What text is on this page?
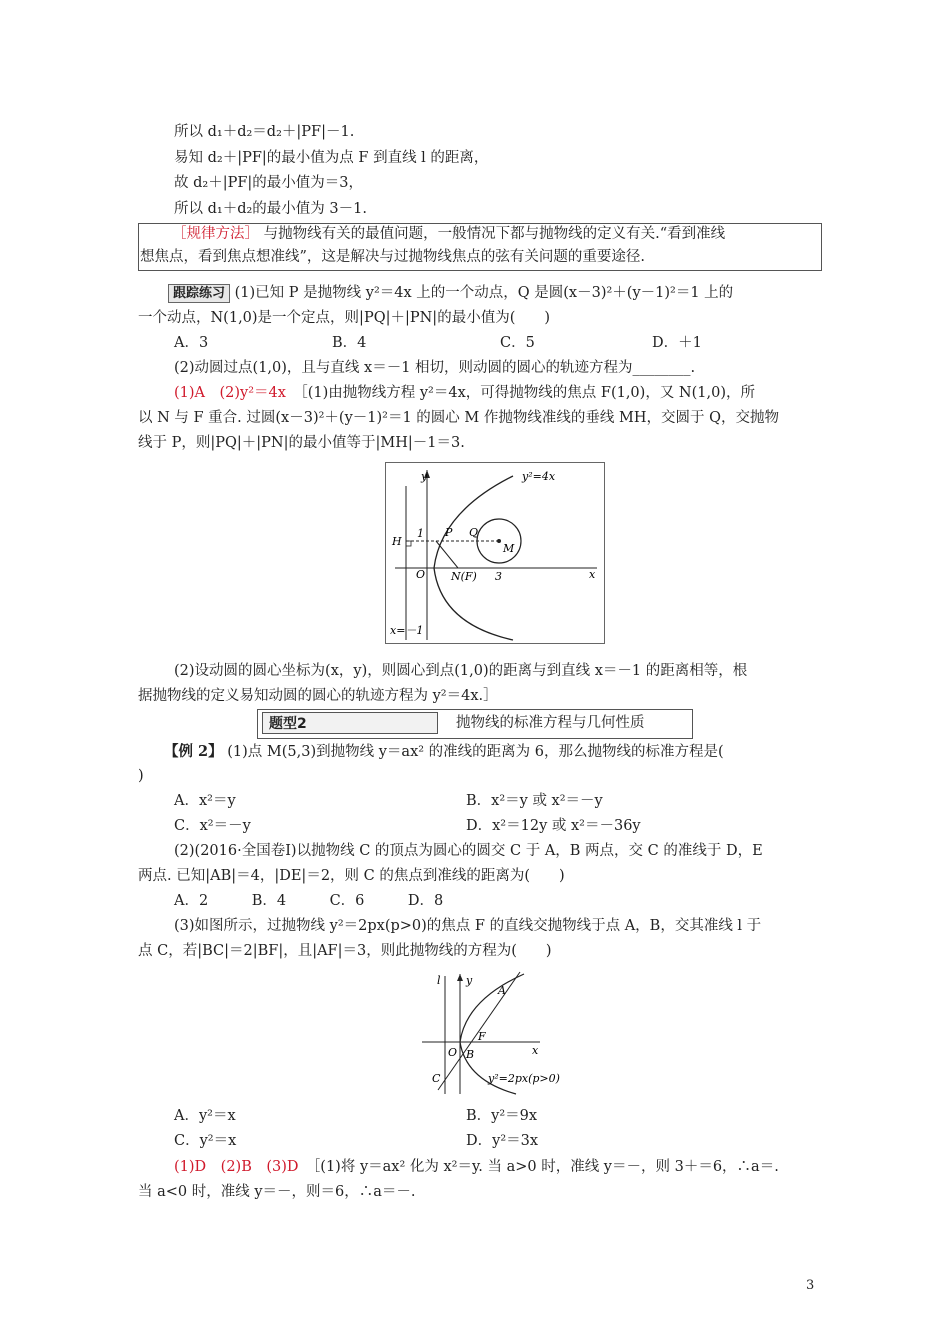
所以 d₁＋d₂＝d₂＋|PF|－1.
易知 d₂＋|PF|的最小值为点 F 到直线 l 的距离，
故 d₂＋|PF|的最小值为＝3，
所以 d₁＋d₂的最小值为 3－1.
［规律方法］ 与抛物线有关的最值问题，一般情况下都与抛物线的定义有关.“看到准线
想焦点，看到焦点想准线”，这是解决与过抛物线焦点的弦有关问题的重要途径.
跟踪练习 (1)已知 P 是抛物线 y²＝4x 上的一个动点，Q 是圆(x－3)²＋(y－1)²＝1 上的
一个动点，N(1,0)是一个定点，则|PQ|＋|PN|的最小值为(　　)
A．3	B．4	C．5	D．＋1
(2)动圆过点(1,0)，且与直线 x＝－1 相切，则动圆的圆心的轨迹方程为________.
(1)A　 (2)y²＝4x　 ［(1)由抛物线方程 y²＝4x，可得抛物线的焦点 F(1,0)，又 N(1,0)，所
以 N 与 F 重合. 过圆(x－3)²＋(y－1)²＝1 的圆心 M 作抛物线准线的垂线 MH，交圆于 Q，交抛物
线于 P，则|PQ|＋|PN|的最小值等于|MH|－1＝3.
y²=4x
y
x
O
1
H
P Q
M
N(F) 3
x=－1
(2)设动圆的圆心坐标为(x，y)，则圆心到点(1,0)的距离与到直线 x＝－1 的距离相等，根
据抛物线的定义易知动圆的圆心的轨迹方程为 y²＝4x.］
题型2	抛物线的标准方程与几何性质
【例 2】 (1)点 M(5,3)到抛物线 y＝ax² 的准线的距离为 6，那么抛物线的标准方程是(
)
A．x²＝y	B．x²＝y 或 x²＝－y
C．x²＝－y	D．x²＝12y 或 x²＝－36y
(2)(2016·全国卷Ⅰ)以抛物线 C 的顶点为圆心的圆交 C 于 A，B 两点，交 C 的准线于 D，E
两点. 已知|AB|＝4，|DE|＝2，则 C 的焦点到准线的距离为(　　)
A．2　　　B．4　　　C．6　　　D．8
(3)如图所示，过抛物线 y²＝2px(p>0)的焦点 F 的直线交抛物线于点 A，B，交其准线 l 于
点 C，若|BC|＝2|BF|，且|AF|＝3，则此抛物线的方程为(　　)
l y
x
A
F
O B
C	y²=2px(p>0)
A．y²＝x	B．y²＝9x
C．y²＝x	D．y²＝3x
(1)D　 (2)B　 (3)D　 ［(1)将 y＝ax² 化为 x²＝y. 当 a>0 时，准线 y＝－，则 3＋＝6，∴a＝.
当 a<0 时，准线 y＝－，则＝6，∴a＝－.
3
